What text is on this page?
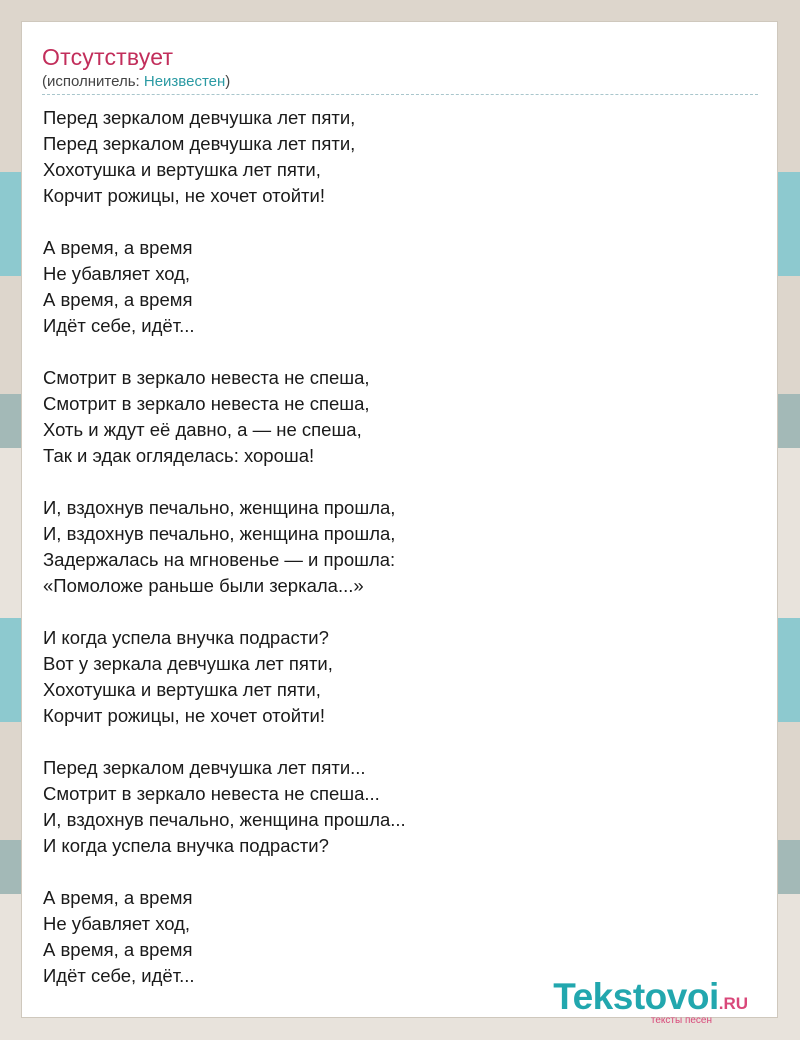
Отсутствует
(исполнитель: Неизвестен)
Перед зеркалом девчушка лет пяти,
Перед зеркалом девчушка лет пяти,
Хохотушка и вертушка лет пяти,
Корчит рожицы, не хочет отойти!

А время, а время
Не убавляет ход,
А время, а время
Идёт себе, идёт...

Смотрит в зеркало невеста не спеша,
Смотрит в зеркало невеста не спеша,
Хоть и ждут её давно, а — не спеша,
Так и эдак огляделась: хороша!

И, вздохнув печально, женщина прошла,
И, вздохнув печально, женщина прошла,
Задержалась на мгновенье — и прошла:
«Помоложе раньше были зеркала...»

И когда успела внучка подрасти?
Вот у зеркала девчушка лет пяти,
Хохотушка и вертушка лет пяти,
Корчит рожицы, не хочет отойти!

Перед зеркалом девчушка лет пяти...
Смотрит в зеркало невеста не спеша...
И, вздохнув печально, женщина прошла...
И когда успела внучка подрасти?

А время, а время
Не убавляет ход,
А время, а время
Идёт себе, идёт...
Tekstovoi.RU
тексты песен
